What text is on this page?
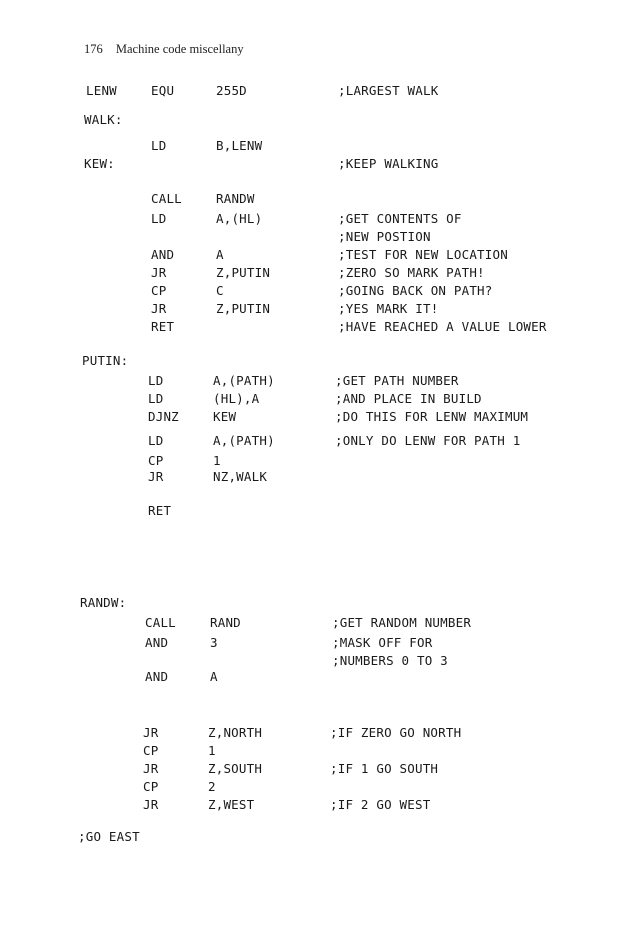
176 Machine code miscellany
LENW	EQU	255D	;LARGEST WALK
WALK:
LD	B,LENW
KEW:	;KEEP WALKING
CALL	RANDW
LD	A,(HL)	;GET CONTENTS OF
;NEW POSTION
AND	A	;TEST FOR NEW LOCATION
JR	Z,PUTIN	;ZERO SO MARK PATH!
CP	C	;GOING BACK ON PATH?
JR	Z,PUTIN	;YES MARK IT!
RET	;HAVE REACHED A VALUE LOWER
PUTIN:
LD	A,(PATH)	;GET PATH NUMBER
LD	(HL),A	;AND PLACE IN BUILD
DJNZ	KEW	;DO THIS FOR LENW MAXIMUM
LD	A,(PATH)	;ONLY DO LENW FOR PATH 1
CP	1
JR	NZ,WALK
RET
RANDW:
CALL	RAND	;GET RANDOM NUMBER
AND	3	;MASK OFF FOR
;NUMBERS 0 TO 3
AND	A
JR	Z,NORTH	;IF ZERO GO NORTH
CP	1
JR	Z,SOUTH	;IF 1 GO SOUTH
CP	2
JR	Z,WEST	;IF 2 GO WEST
;GO EAST
